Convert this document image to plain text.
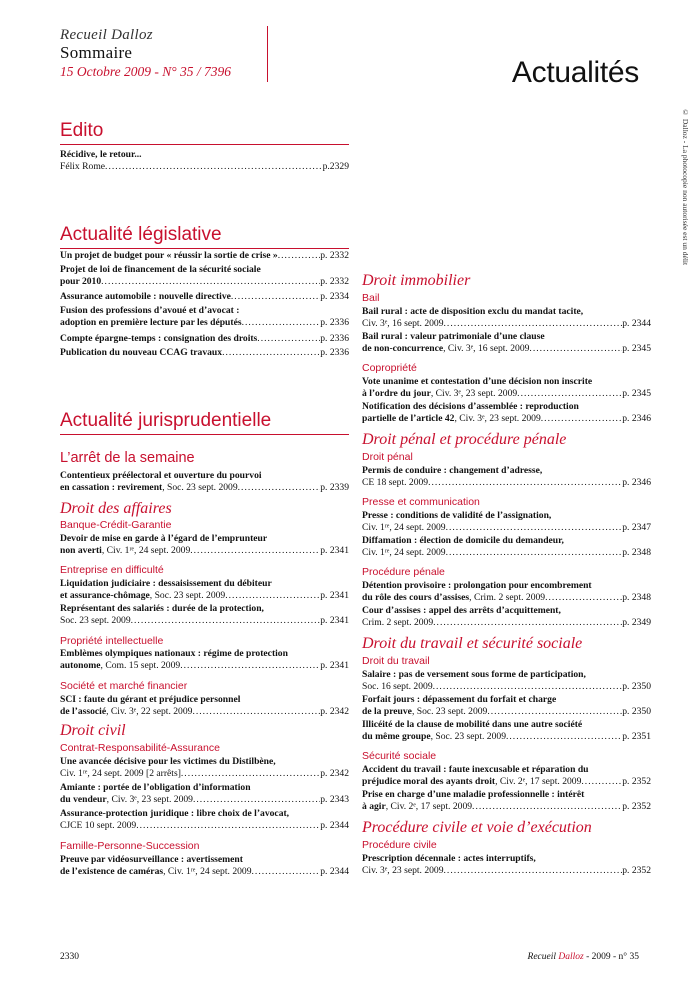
Recueil Dalloz
Sommaire
15 Octobre 2009 - N° 35 / 7396	Actualités
© Dalloz - La photocopie non autorisée est un délit
Edito
Récidive, le retour...
Félix Rome .....	p.2329
Actualité législative
Un projet de budget pour « réussir la sortie de crise » .....	p. 2332
Projet de loi de financement de la sécurité sociale
pour 2010 .....	p. 2332
Assurance automobile : nouvelle directive .....	p. 2334
Fusion des professions d’avoué et d’avocat :
adoption en première lecture par les députés .....	p. 2336
Compte épargne-temps : consignation des droits .....	p. 2336
Publication du nouveau CCAG travaux .....	p. 2336
Actualité jurisprudentielle
L’arrêt de la semaine
Contentieux préélectoral et ouverture du pourvoi
en cassation : revirement , Soc. 23 sept. 2009 .....	p. 2339
Droit des affaires
Banque-Crédit-Garantie
Devoir de mise en garde à l’égard de l’emprunteur
non averti , Civ. 1ʳᵉ, 24 sept. 2009 .....	p. 2341
Entreprise en difficulté
Liquidation judiciaire : dessaisissement du débiteur
et assurance-chômage , Soc. 23 sept. 2009 .....	p. 2341
Représentant des salariés : durée de la protection,
Soc. 23 sept. 2009 .....	p. 2341
Propriété intellectuelle
Emblèmes olympiques nationaux : régime de protection
autonome , Com. 15 sept. 2009 .....	p. 2341
Société et marché financier
SCI : faute du gérant et préjudice personnel
de l’associé , Civ. 3ᵉ, 22 sept. 2009 .....	p. 2342
Droit civil
Contrat-Responsabilité-Assurance
Une avancée décisive pour les victimes du Distilbène,
Civ. 1ʳᵉ, 24 sept. 2009 [2 arrêts] .....	p. 2342
Amiante : portée de l’obligation d’information
du vendeur , Civ. 3ᵉ, 23 sept. 2009 .....	p. 2343
Assurance-protection juridique : libre choix de l’avocat,
CJCE 10 sept. 2009 .....	p. 2344
Famille-Personne-Succession
Preuve par vidéosurveillance : avertissement
de l’existence de caméras , Civ. 1ʳᵉ, 24 sept. 2009 .....	p. 2344
Droit immobilier
Bail
Bail rural : acte de disposition exclu du mandat tacite,
Civ. 3ᵉ, 16 sept. 2009 .....	p. 2344
Bail rural : valeur patrimoniale d’une clause
de non-concurrence , Civ. 3ᵉ, 16 sept. 2009 .....	p. 2345
Copropriété
Vote unanime et contestation d’une décision non inscrite
à l’ordre du jour , Civ. 3ᵉ, 23 sept. 2009 .....	p. 2345
Notification des décisions d’assemblée : reproduction
partielle de l’article 42 , Civ. 3ᵉ, 23 sept. 2009 .....	p. 2346
Droit pénal et procédure pénale
Droit pénal
Permis de conduire : changement d’adresse,
CE 18 sept. 2009 .....	p. 2346
Presse et communication
Presse : conditions de validité de l’assignation,
Civ. 1ʳᵉ, 24 sept. 2009 .....	p. 2347
Diffamation : élection de domicile du demandeur,
Civ. 1ʳᵉ, 24 sept. 2009 .....	p. 2348
Procédure pénale
Détention provisoire : prolongation pour encombrement
du rôle des cours d’assises , Crim. 2 sept. 2009 .....	p. 2348
Cour d’assises : appel des arrêts d’acquittement,
Crim. 2 sept. 2009 .....	p. 2349
Droit du travail et sécurité sociale
Droit du travail
Salaire : pas de versement sous forme de participation,
Soc. 16 sept. 2009 .....	p. 2350
Forfait jours : dépassement du forfait et charge
de la preuve , Soc. 23 sept. 2009 .....	p. 2350
Illicéité de la clause de mobilité dans une autre société
du même groupe , Soc. 23 sept. 2009 .....	p. 2351
Sécurité sociale
Accident du travail : faute inexcusable et réparation du
préjudice moral des ayants droit , Civ. 2ᵉ, 17 sept. 2009 .....	p. 2352
Prise en charge d’une maladie professionnelle : intérêt
à agir , Civ. 2ᵉ, 17 sept. 2009 .....	p. 2352
Procédure civile et voie d’exécution
Procédure civile
Prescription décennale : actes interruptifs,
Civ. 3ᵉ, 23 sept. 2009 .....	p. 2352
2330	Recueil Dalloz - 2009 - n° 35
